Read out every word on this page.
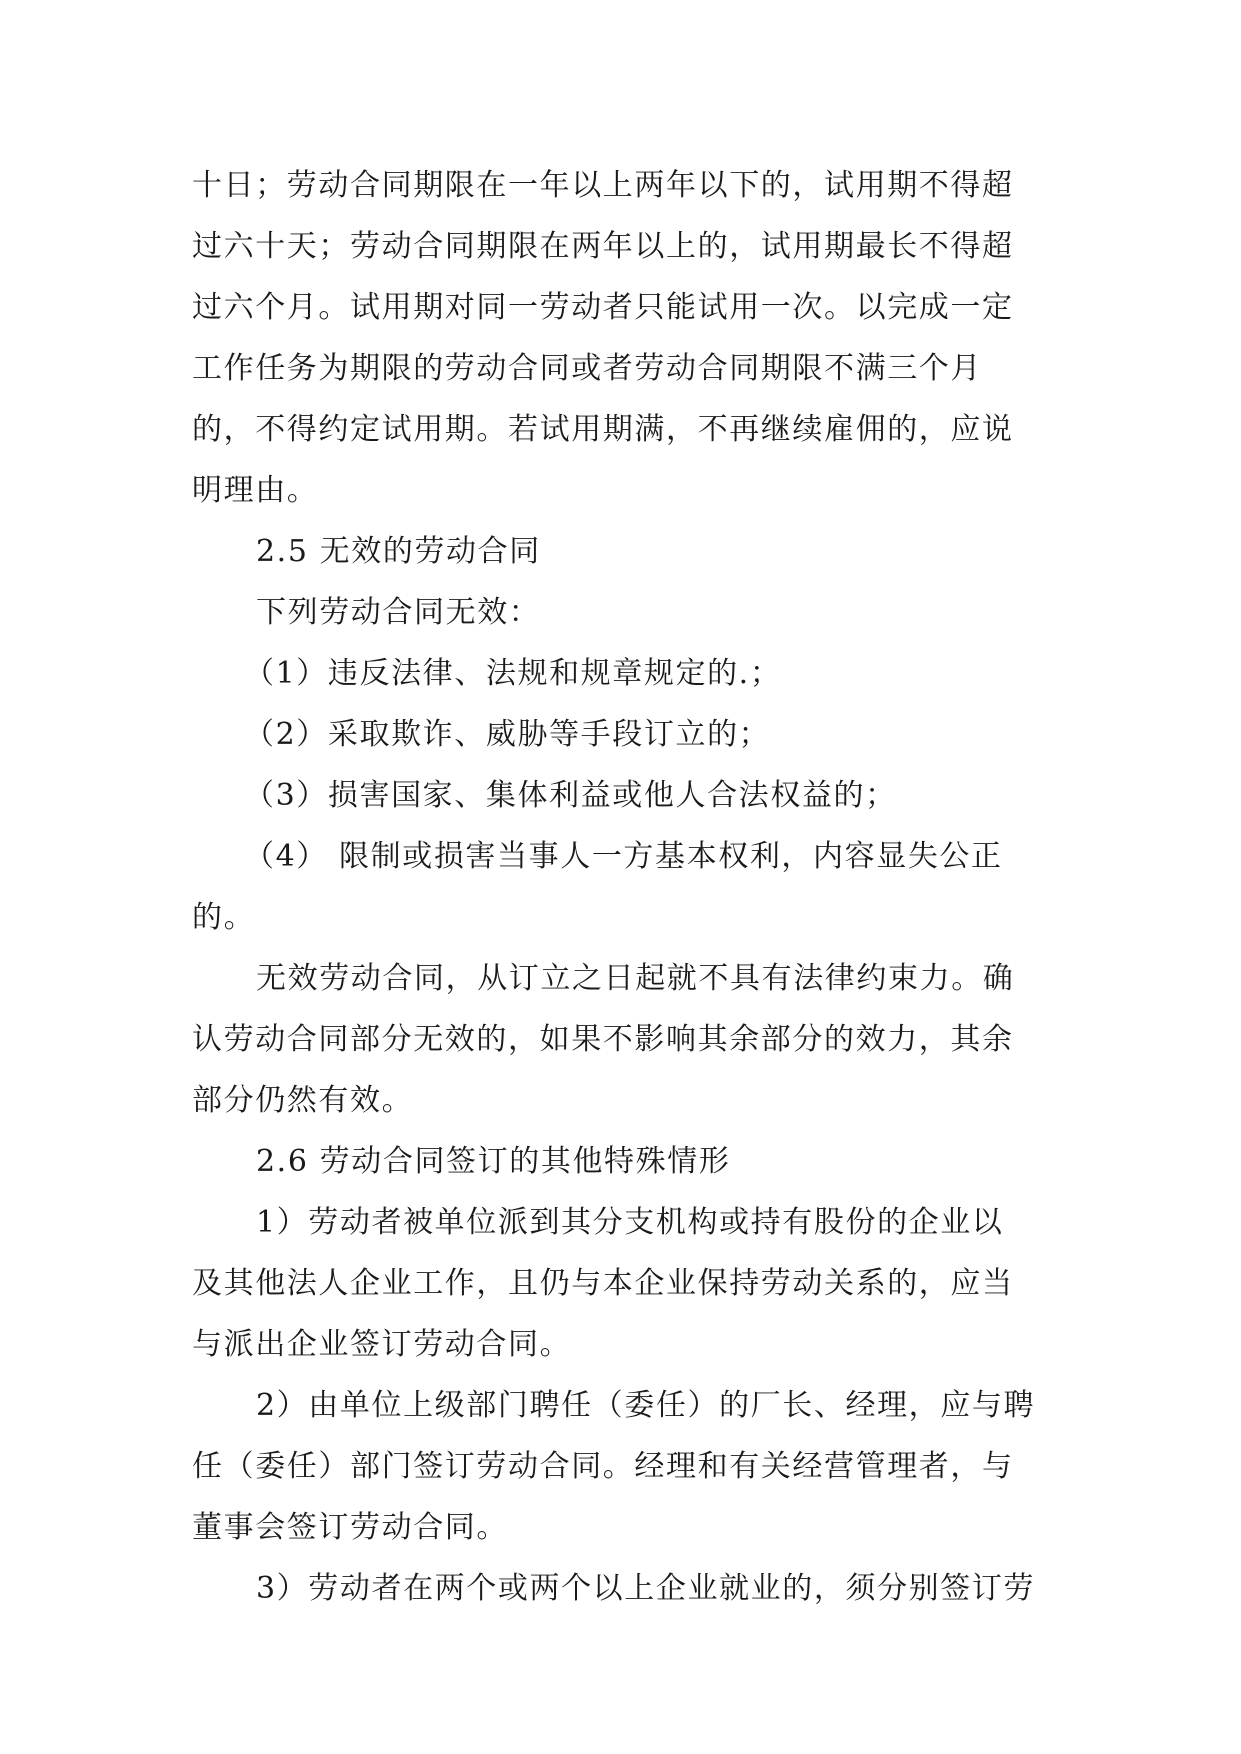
十日；劳动合同期限在一年以上两年以下的，试用期不得超
过六十天；劳动合同期限在两年以上的，试用期最长不得超
过六个月。试用期对同一劳动者只能试用一次。以完成一定
工作任务为期限的劳动合同或者劳动合同期限不满三个月
的，不得约定试用期。若试用期满，不再继续雇佣的，应说
明理由。
2.5 无效的劳动合同
下列劳动合同无效：
（1）违反法律、法规和规章规定的.；
（2）采取欺诈、威胁等手段订立的；
（3）损害国家、集体利益或他人合法权益的；
（4） 限制或损害当事人一方基本权利，内容显失公正
的。
无效劳动合同，从订立之日起就不具有法律约束力。确
认劳动合同部分无效的，如果不影响其余部分的效力，其余
部分仍然有效。
2.6 劳动合同签订的其他特殊情形
1）劳动者被单位派到其分支机构或持有股份的企业以
及其他法人企业工作，且仍与本企业保持劳动关系的，应当
与派出企业签订劳动合同。
2）由单位上级部门聘任（委任）的厂长、经理，应与聘
任（委任）部门签订劳动合同。经理和有关经营管理者，与
董事会签订劳动合同。
3）劳动者在两个或两个以上企业就业的，须分别签订劳
